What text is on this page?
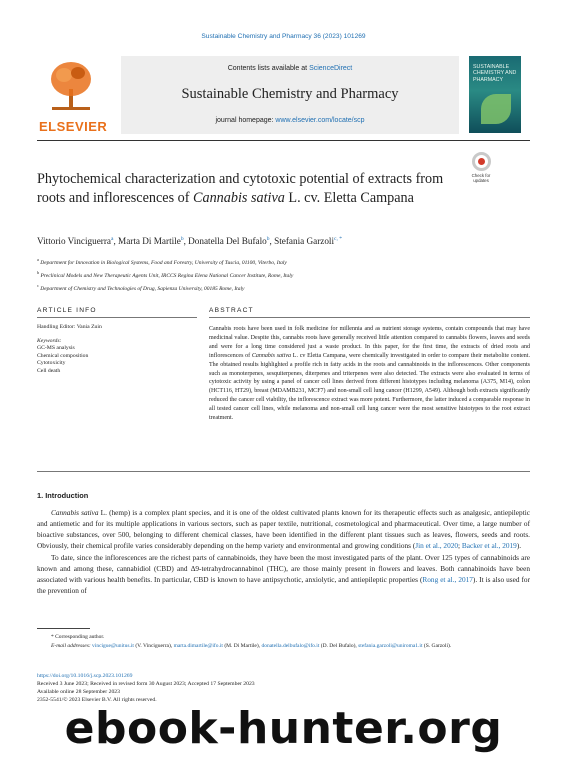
Sustainable Chemistry and Pharmacy 36 (2023) 101269
ELSEVIER
Contents lists available at ScienceDirect
Sustainable Chemistry and Pharmacy
journal homepage: www.elsevier.com/locate/scp
SUSTAINABLE CHEMISTRY AND PHARMACY
Check for updates
Phytochemical characterization and cytotoxic potential of extracts from roots and inflorescences of Cannabis sativa L. cv. Eletta Campana
Vittorio Vinciguerra$^a$, Marta Di Martile$^b$, Donatella Del Bufalo$^b$, Stefania Garzoli$^{c, *}$
$^a$ Department for Innovation in Biological Systems, Food and Forestry, University of Tuscia, 01100, Viterbo, Italy
$^b$ Preclinical Models and New Therapeutic Agents Unit, IRCCS Regina Elena National Cancer Institute, Rome, Italy
$^c$ Department of Chemistry and Technologies of Drug, Sapienza University, 00185 Rome, Italy
ARTICLE INFO	ABSTRACT
Handling Editor: Vania Zuin
Keywords:
GC-MS analysis
Chemical composition
Cytotoxicity
Cell death
Cannabis roots have been used in folk medicine for millennia and as nutrient storage systems, contain compounds that may have medicinal value. Despite this, cannabis roots have generally received little attention compared to cannabis flowers, leaves and seeds and were for a long time considered just a waste product. In this paper, for the first time, the extracts of dried roots and inflorescences of Cannabis sativa L. cv Eletta Campana, were chemically investigated in order to compare their metabolite content. The obtained results highlighted a profile rich in fatty acids in the roots and cannabinoids in the inflorescences. Other components such as monoterpenes, sesquiterpenes, diterpenes and triterpenes were also detected. The extracts were also evaluated in terms of cytotoxic activity by using a panel of cancer cell lines derived from different histotypes including melanoma (A375, M14), colon (HCT116, HT29), breast (MDAMB231, MCF7) and non-small cell lung cancer (H1299, A549). Although both extracts significantly reduced the cancer cell viability, the inflorescence extract was more potent. Furthermore, the latter induced a comparable response in all tested cancer cell lines, while melanoma and non-small cell lung cancer were the most sensitive histotypes to the root extract treatment.
1. Introduction

Cannabis sativa L. (hemp) is a complex plant species, and it is one of the oldest cultivated plants known for its therapeutic effects such as analgesic, antiepileptic and antiemetic and for its multiple applications in various sectors, such as paper textile, nutritional, cosmetological and pharmaceutical. Over time, a large number of bioactive substances, over 500, belonging to different chemical classes, have been identified in the different plant tissues such as leaves, flowers, seeds and roots. Obviously, their chemical profile varies considerably depending on the hemp variety and environmental and growing conditions (Jin et al., 2020; Backer et al., 2019).

To date, since the inflorescences are the richest parts of cannabinoids, they have been the most investigated parts of the plant. Over 125 types of cannabinoids are known and among these, cannabidiol (CBD) and Δ9-tetrahydrocannabinol (THC), are those mainly present in flowers and leaves. Both cannabinoids have been associated with various health benefits. In particular, CBD is known to have antipsychotic, anxiolytic, and antiepileptic properties (Rong et al., 2017). It is also used for the prevention of

* Corresponding author.
E-mail addresses: vincigue@unitus.it (V. Vinciguerra), marta.dimartile@ifo.it (M. Di Martile), donatella.delbufalo@ifo.it (D. Del Bufalo), stefania.garzoli@uniroma1.it (S. Garzoli).
https://doi.org/10.1016/j.scp.2023.101269
Received 3 June 2023; Received in revised form 30 August 2023; Accepted 17 September 2023
Available online 28 September 2023
2352-5541/© 2023 Elsevier B.V. All rights reserved.
ebook-hunter.org
